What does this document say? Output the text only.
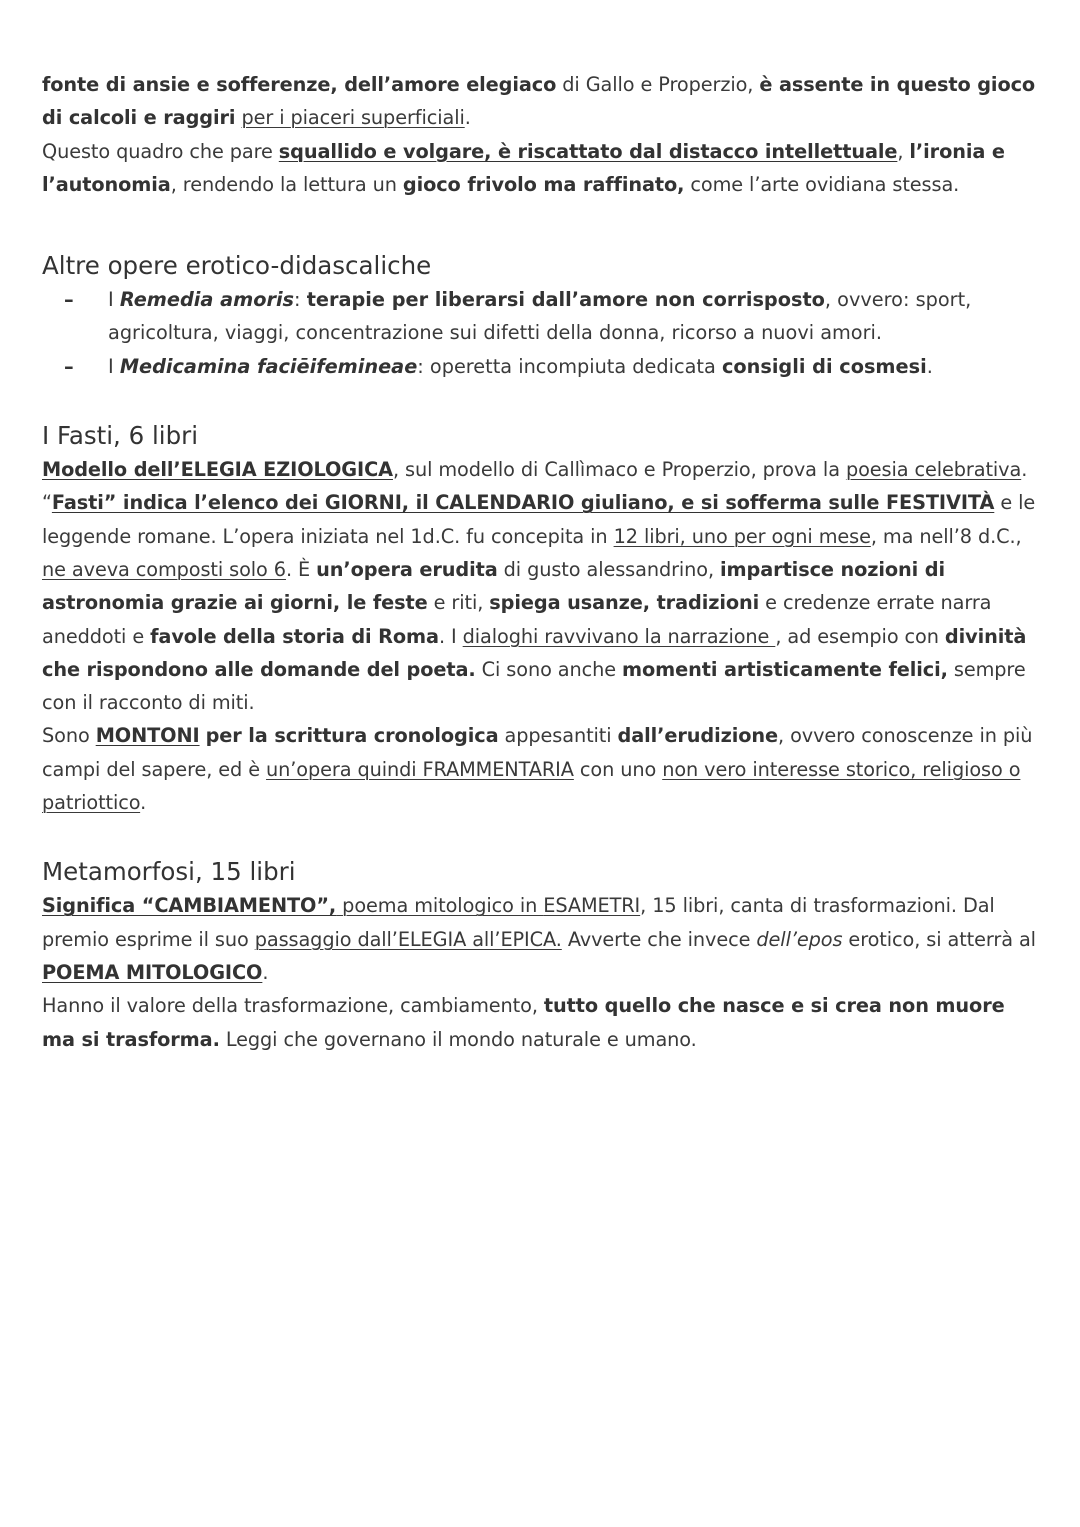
fonte di ansie e sofferenze, dell’amore elegiaco di Gallo e Properzio, è assente in questo gioco di calcoli e raggiri per i piaceri superficiali.

Questo quadro che pare squallido e volgare, è riscattato dal distacco intellettuale, l’ironia e l’autonomia, rendendo la lettura un gioco frivolo ma raffinato, come l’arte ovidiana stessa.

Altre opere erotico-didascaliche
– I Remedia amoris: terapie per liberarsi dall’amore non corrisposto, ovvero: sport, agricoltura, viaggi, concentrazione sui difetti della donna, ricorso a nuovi amori.
– I Medicamina faciēifemineae: operetta incompiuta dedicata consigli di cosmesi.
I Fasti, 6 libri

Modello dell’ELEGIA EZIOLOGICA, sul modello di Callìmaco e Properzio, prova la poesia celebrativa.

“Fasti” indica l’elenco dei GIORNI, il CALENDARIO giuliano, e si sofferma sulle FESTIVITÀ e le leggende romane. L’opera iniziata nel 1d.C. fu concepita in 12 libri, uno per ogni mese, ma nell’8 d.C., ne aveva composti solo 6. È un’opera erudita di gusto alessandrino, impartisce nozioni di astronomia grazie ai giorni, le feste e riti, spiega usanze, tradizioni e credenze errate narra aneddoti e favole della storia di Roma. I dialoghi ravvivano la narrazione , ad esempio con divinità che rispondono alle domande del poeta. Ci sono anche momenti artisticamente felici, sempre con il racconto di miti.

Sono MONTONI per la scrittura cronologica appesantiti dall’erudizione, ovvero conoscenze in più campi del sapere, ed è un’opera quindi FRAMMENTARIA con uno non vero interesse storico, religioso o patriottico.

Metamorfosi, 15 libri

Significa “CAMBIAMENTO”, poema mitologico in ESAMETRI, 15 libri, canta di trasformazioni. Dal premio esprime il suo passaggio dall’ELEGIA all’EPICA. Avverte che invece dell’epos erotico, si atterrà al POEMA MITOLOGICO.

Hanno il valore della trasformazione, cambiamento, tutto quello che nasce e si crea non muore ma si trasforma. Leggi che governano il mondo naturale e umano.
